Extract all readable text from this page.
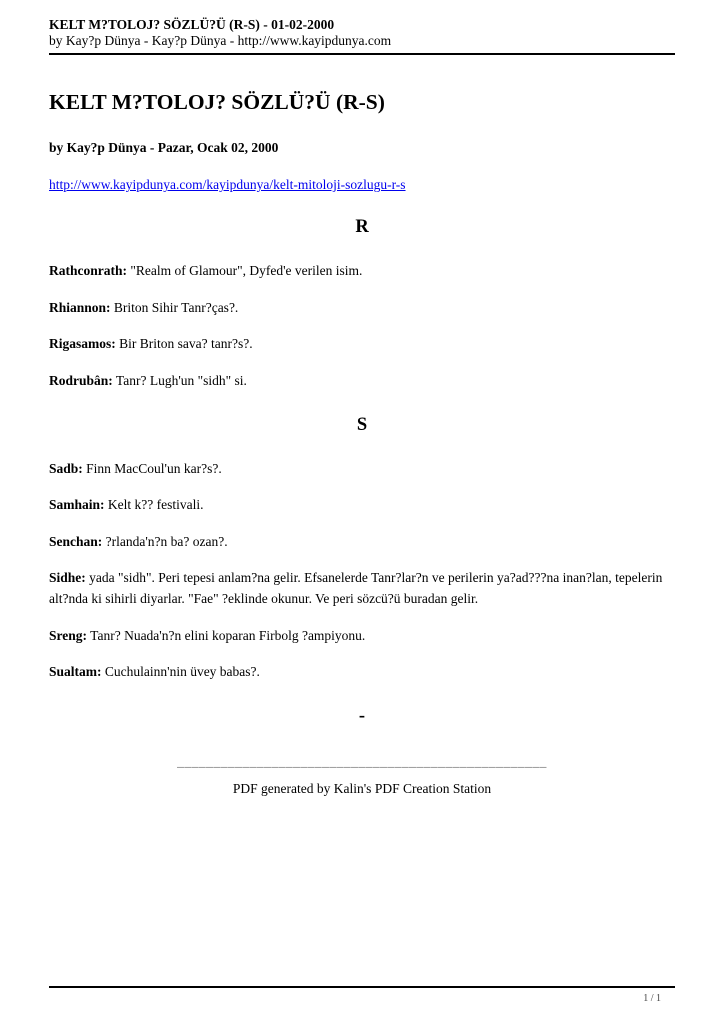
KELT M?TOLOJ? SÖZLÜ?Ü (R-S) - 01-02-2000
by Kay?p Dünya - Kay?p Dünya - http://www.kayipdunya.com
KELT M?TOLOJ? SÖZLÜ?Ü (R-S)

by Kay?p Dünya - Pazar, Ocak 02, 2000

http://www.kayipdunya.com/kayipdunya/kelt-mitoloji-sozlugu-r-s

R

Rathconrath: "Realm of Glamour", Dyfed'e verilen isim.

Rhiannon: Briton Sihir Tanr?ças?.

Rigasamos: Bir Briton sava? tanr?s?.

Rodrubân: Tanr? Lugh'un "sidh" si.

S

Sadb: Finn MacCoul'un kar?s?.

Samhain: Kelt k?? festivali.

Senchan: ?rlanda'n?n ba? ozan?.

Sidhe: yada "sidh". Peri tepesi anlam?na gelir. Efsanelerde Tanr?lar?n ve perilerin ya?ad???na inan?lan, tepelerin alt?nda ki sihirli diyarlar. "Fae" ?eklinde okunur. Ve peri sözcü?ü buradan gelir.

Sreng: Tanr? Nuada'n?n elini koparan Firbolg ?ampiyonu.

Sualtam: Cuchulainn'nin üvey babas?.

-

___________________________________________________

PDF generated by Kalin's PDF Creation Station

1 / 1
